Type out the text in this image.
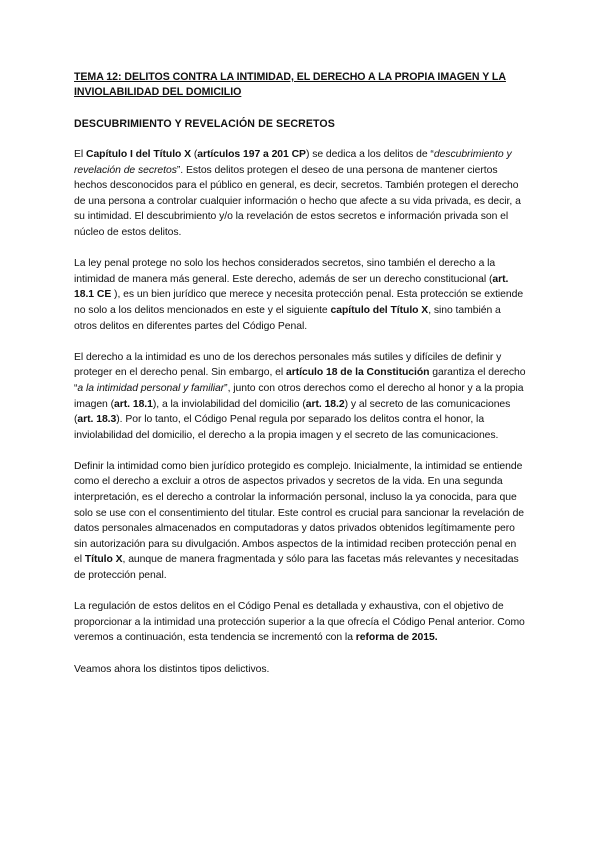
TEMA 12: DELITOS CONTRA LA INTIMIDAD, EL DERECHO A LA PROPIA IMAGEN Y LA INVIOLABILIDAD DEL DOMICILIO
DESCUBRIMIENTO Y REVELACIÓN DE SECRETOS

El Capítulo I del Título X (artículos 197 a 201 CP) se dedica a los delitos de “descubrimiento y revelación de secretos”. Estos delitos protegen el deseo de una persona de mantener ciertos hechos desconocidos para el público en general, es decir, secretos. También protegen el derecho de una persona a controlar cualquier información o hecho que afecte a su vida privada, es decir, a su intimidad. El descubrimiento y/o la revelación de estos secretos e información privada son el núcleo de estos delitos.

La ley penal protege no solo los hechos considerados secretos, sino también el derecho a la intimidad de manera más general. Este derecho, además de ser un derecho constitucional (art. 18.1 CE ), es un bien jurídico que merece y necesita protección penal. Esta protección se extiende no solo a los delitos mencionados en este y el siguiente capítulo del Título X, sino también a otros delitos en diferentes partes del Código Penal.

El derecho a la intimidad es uno de los derechos personales más sutiles y difíciles de definir y proteger en el derecho penal. Sin embargo, el artículo 18 de la Constitución garantiza el derecho “a la intimidad personal y familiar”, junto con otros derechos como el derecho al honor y a la propia imagen (art. 18.1), a la inviolabilidad del domicilio (art. 18.2) y al secreto de las comunicaciones (art. 18.3). Por lo tanto, el Código Penal regula por separado los delitos contra el honor, la inviolabilidad del domicilio, el derecho a la propia imagen y el secreto de las comunicaciones.

Definir la intimidad como bien jurídico protegido es complejo. Inicialmente, la intimidad se entiende como el derecho a excluir a otros de aspectos privados y secretos de la vida. En una segunda interpretación, es el derecho a controlar la información personal, incluso la ya conocida, para que solo se use con el consentimiento del titular. Este control es crucial para sancionar la revelación de datos personales almacenados en computadoras y datos privados obtenidos legítimamente pero sin autorización para su divulgación. Ambos aspectos de la intimidad reciben protección penal en el Título X, aunque de manera fragmentada y sólo para las facetas más relevantes y necesitadas de protección penal.

La regulación de estos delitos en el Código Penal es detallada y exhaustiva, con el objetivo de proporcionar a la intimidad una protección superior a la que ofrecía el Código Penal anterior. Como veremos a continuación, esta tendencia se incrementó con la reforma de 2015.

Veamos ahora los distintos tipos delictivos.
